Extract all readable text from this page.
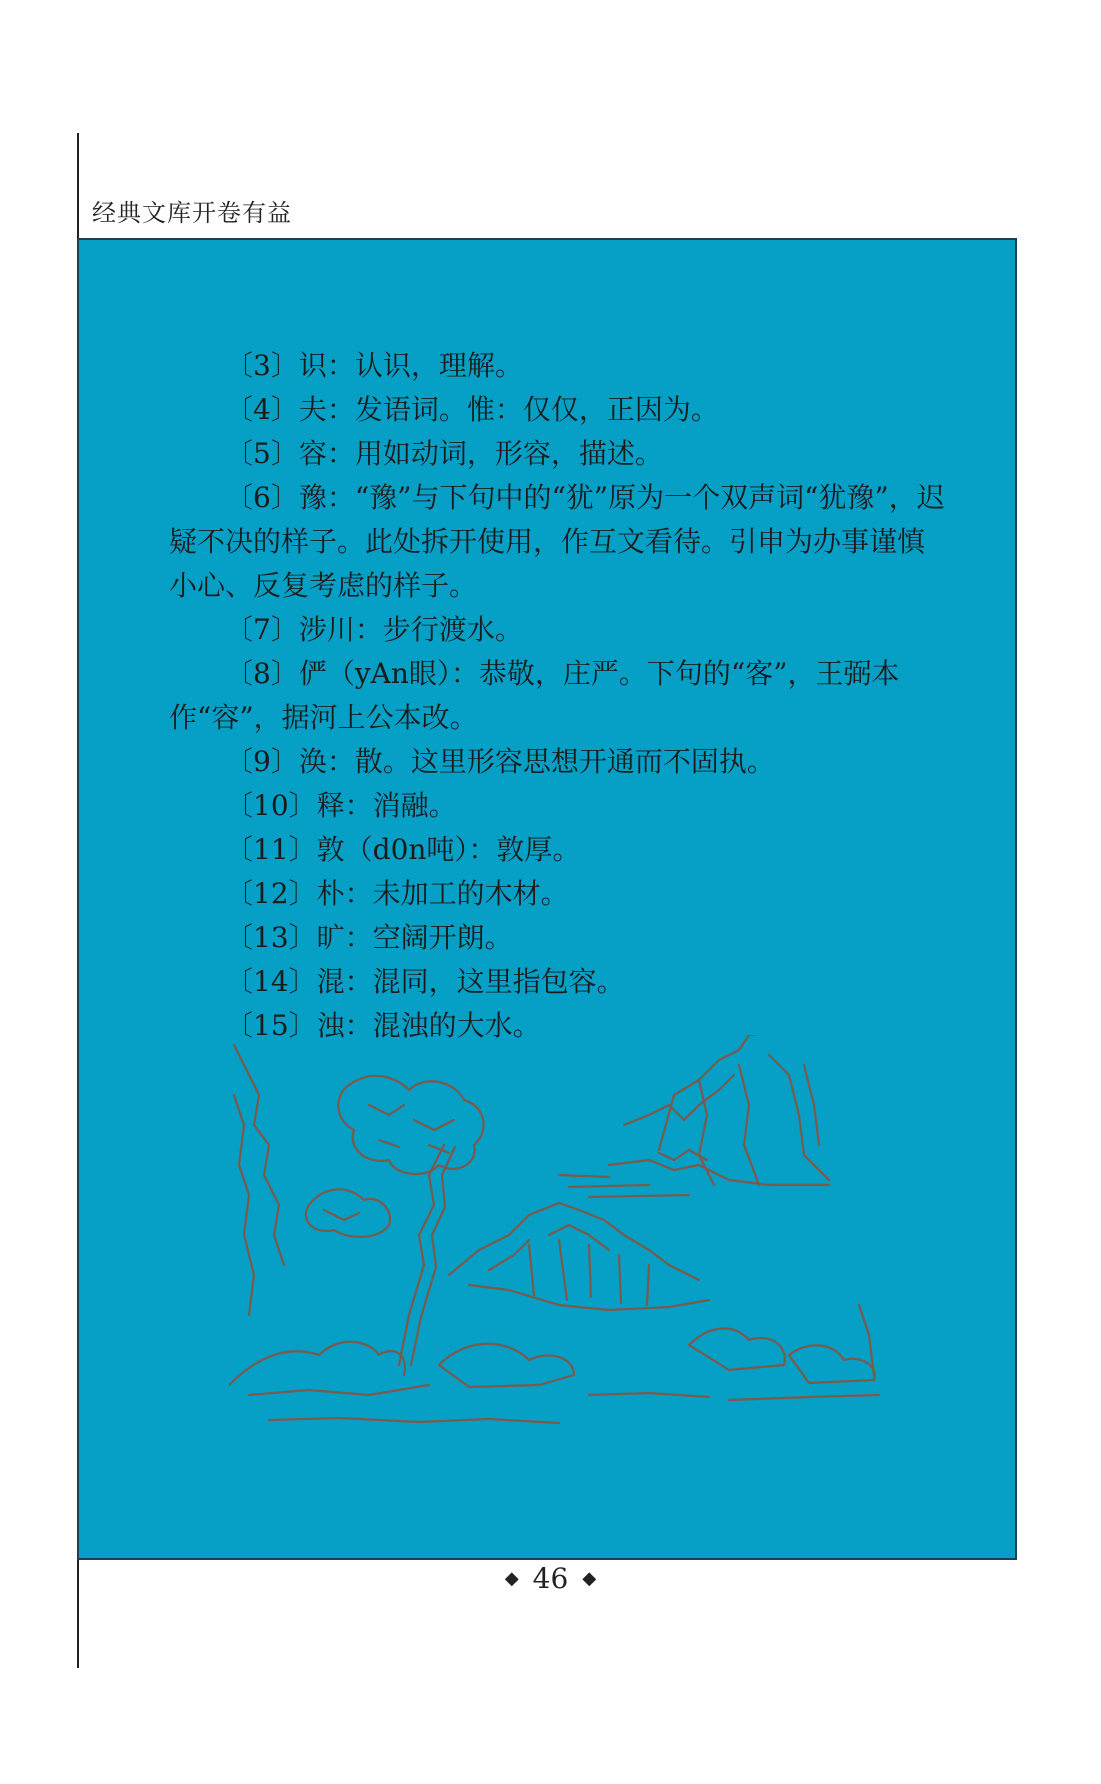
经典文库开卷有益

〔3〕识：认识，理解。

〔4〕夫：发语词。惟：仅仅，正因为。

〔5〕容：用如动词，形容，描述。

〔6〕豫：“豫”与下句中的“犹”原为一个双声词“犹豫”，迟疑不决的样子。此处拆开使用，作互文看待。引申为办事谨慎小心、反复考虑的样子。

〔7〕涉川：步行渡水。

〔8〕俨（yAn眼）：恭敬，庄严。下句的“客”，王弼本作“容”，据河上公本改。

〔9〕涣：散。这里形容思想开通而不固执。

〔10〕释：消融。

〔11〕敦（d0n吨）：敦厚。

〔12〕朴：未加工的木材。

〔13〕旷：空阔开朗。

〔14〕混：混同，这里指包容。

〔15〕浊：混浊的大水。

◆ 46 ◆
